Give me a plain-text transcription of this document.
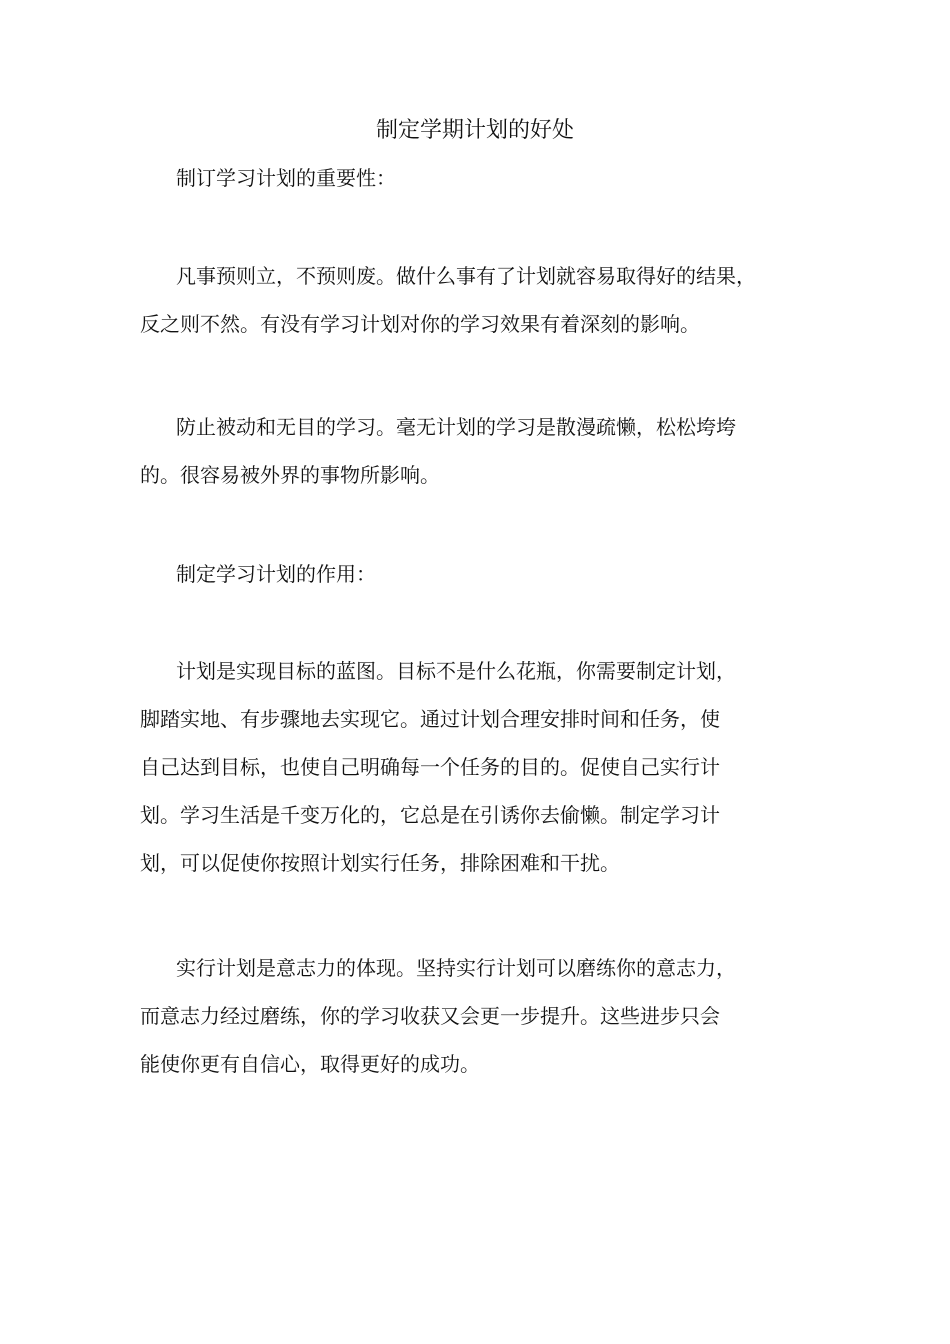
制定学期计划的好处

制订学习计划的重要性：

凡事预则立，不预则废。做什么事有了计划就容易取得好的结果，
反之则不然。有没有学习计划对你的学习效果有着深刻的影响。

防止被动和无目的学习。毫无计划的学习是散漫疏懒，松松垮垮
的。很容易被外界的事物所影响。

制定学习计划的作用：

计划是实现目标的蓝图。目标不是什么花瓶，你需要制定计划，
脚踏实地、有步骤地去实现它。通过计划合理安排时间和任务，使
自己达到目标，也使自己明确每一个任务的目的。促使自己实行计
划。学习生活是千变万化的，它总是在引诱你去偷懒。制定学习计
划，可以促使你按照计划实行任务，排除困难和干扰。

实行计划是意志力的体现。坚持实行计划可以磨练你的意志力，
而意志力经过磨练，你的学习收获又会更一步提升。这些进步只会
能使你更有自信心，取得更好的成功。
